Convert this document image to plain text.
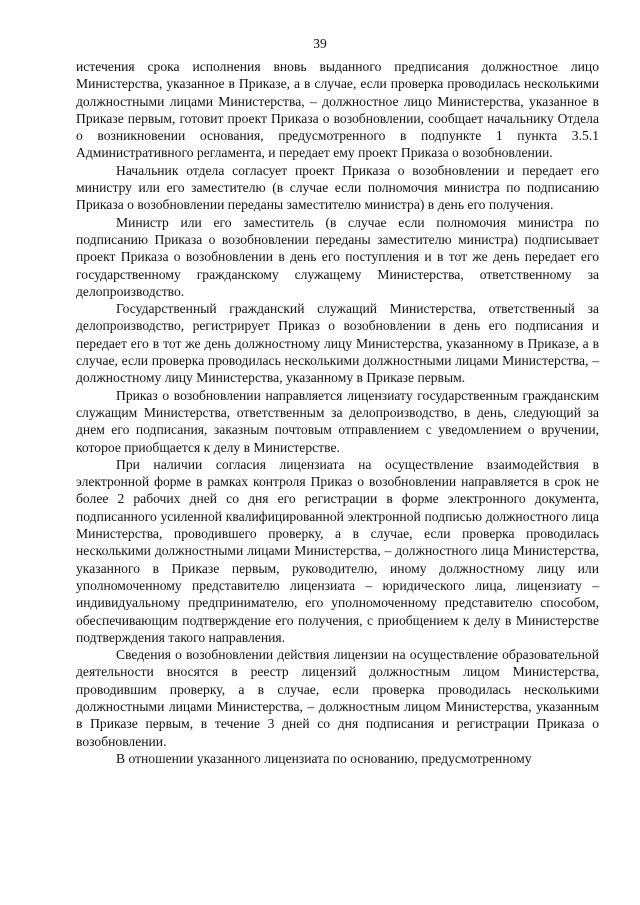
39

истечения срока исполнения вновь выданного предписания должностное лицо Министерства, указанное в Приказе, а в случае, если проверка проводилась несколькими должностными лицами Министерства, – должностное лицо Министерства, указанное в Приказе первым, готовит проект Приказа о возобновлении, сообщает начальнику Отдела о возникновении основания, предусмотренного в подпункте 1 пункта 3.5.1 Административного регламента, и передает ему проект Приказа о возобновлении.

Начальник отдела согласует проект Приказа о возобновлении и передает его министру или его заместителю (в случае если полномочия министра по подписанию Приказа о возобновлении переданы заместителю министра) в день его получения.

Министр или его заместитель (в случае если полномочия министра по подписанию Приказа о возобновлении переданы заместителю министра) подписывает проект Приказа о возобновлении в день его поступления и в тот же день передает его государственному гражданскому служащему Министерства, ответственному за делопроизводство.

Государственный гражданский служащий Министерства, ответственный за делопроизводство, регистрирует Приказ о возобновлении в день его подписания и передает его в тот же день должностному лицу Министерства, указанному в Приказе, а в случае, если проверка проводилась несколькими должностными лицами Министерства, – должностному лицу Министерства, указанному в Приказе первым.

Приказ о возобновлении направляется лицензиату государственным гражданским служащим Министерства, ответственным за делопроизводство, в день, следующий за днем его подписания, заказным почтовым отправлением с уведомлением о вручении, которое приобщается к делу в Министерстве.

При наличии согласия лицензиата на осуществление взаимодействия в электронной форме в рамках контроля Приказ о возобновлении направляется в срок не более 2 рабочих дней со дня его регистрации в форме электронного документа, подписанного усиленной квалифицированной электронной подписью должностного лица Министерства, проводившего проверку, а в случае, если проверка проводилась несколькими должностными лицами Министерства, – должностного лица Министерства, указанного в Приказе первым, руководителю, иному должностному лицу или уполномоченному представителю лицензиата – юридического лица, лицензиату – индивидуальному предпринимателю, его уполномоченному представителю способом, обеспечивающим подтверждение его получения, с приобщением к делу в Министерстве подтверждения такого направления.

Сведения о возобновлении действия лицензии на осуществление образовательной деятельности вносятся в реестр лицензий должностным лицом Министерства, проводившим проверку, а в случае, если проверка проводилась несколькими должностными лицами Министерства, – должностным лицом Министерства, указанным в Приказе первым, в течение 3 дней со дня подписания и регистрации Приказа о возобновлении.

В отношении указанного лицензиата по основанию, предусмотренному
